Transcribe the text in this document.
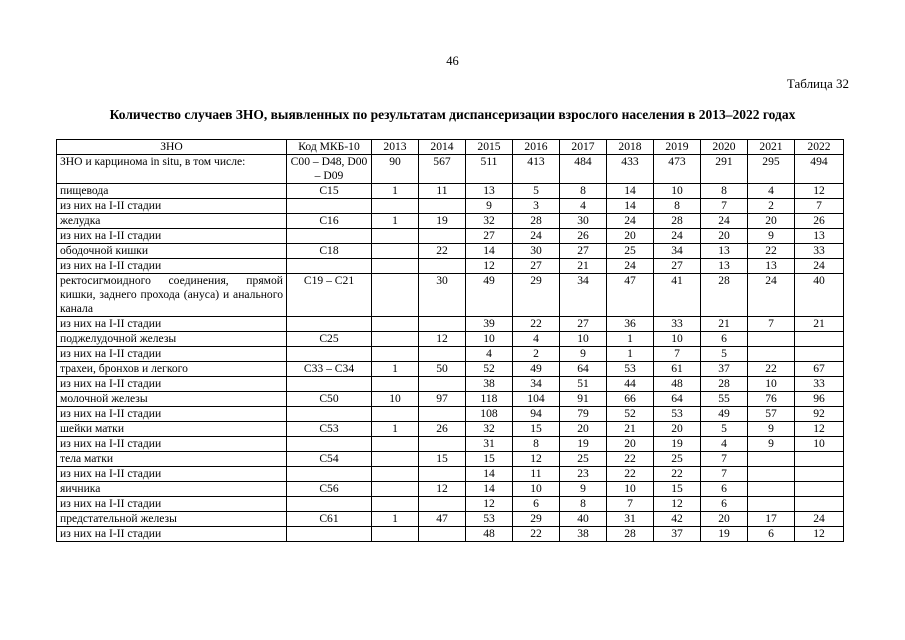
46
Таблица 32
Количество случаев ЗНО, выявленных по результатам диспансеризации взрослого населения в 2013–2022 годах
ЗНО	Код МКБ-10	2013	2014	2015	2016	2017	2018	2019	2020	2021	2022
ЗНО и карцинома in situ, в том числе:	С00 – D48, D00 – D09	90	567	511	413	484	433	473	291	295	494
пищевода	С15	1	11	13	5	8	14	10	8	4	12
из них на I-II стадии				9	3	4	14	8	7	2	7
желудка	С16	1	19	32	28	30	24	28	24	20	26
из них на I-II стадии				27	24	26	20	24	20	9	13
ободочной кишки	С18		22	14	30	27	25	34	13	22	33
из них на I-II стадии				12	27	21	24	27	13	13	24
ректосигмоидного соединения, прямой кишки, заднего прохода (ануса) и анального канала	С19 – С21		30	49	29	34	47	41	28	24	40
из них на I-II стадии				39	22	27	36	33	21	7	21
поджелудочной железы	С25		12	10	4	10	1	10	6		
из них на I-II стадии				4	2	9	1	7	5		
трахеи, бронхов и легкого	С33 – С34	1	50	52	49	64	53	61	37	22	67
из них на I-II стадии				38	34	51	44	48	28	10	33
молочной железы	С50	10	97	118	104	91	66	64	55	76	96
из них на I-II стадии				108	94	79	52	53	49	57	92
шейки матки	С53	1	26	32	15	20	21	20	5	9	12
из них на I-II стадии				31	8	19	20	19	4	9	10
тела матки	С54		15	15	12	25	22	25	7		
из них на I-II стадии				14	11	23	22	22	7		
яичника	С56		12	14	10	9	10	15	6		
из них на I-II стадии				12	6	8	7	12	6		
предстательной железы	С61	1	47	53	29	40	31	42	20	17	24
из них на I-II стадии				48	22	38	28	37	19	6	12
